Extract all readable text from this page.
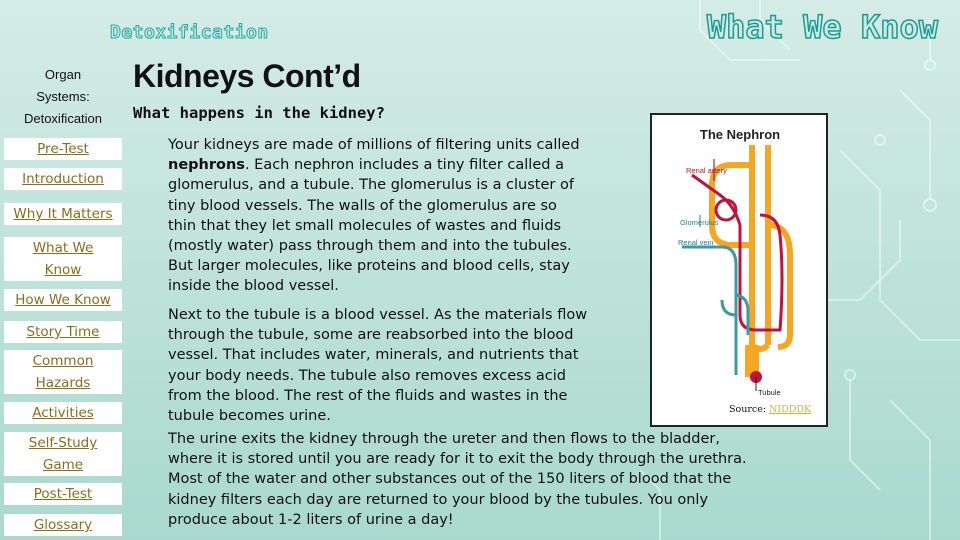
Detoxification	What We Know
Organ
Systems:
Detoxification
Pre-Test
Introduction
Why It Matters
What We
Know
How We Know
Story Time
Common
Hazards
Activities
Self-Study
Game
Post-Test
Glossary
Kidneys Cont’d
What happens in the kidney?
Your kidneys are made of millions of filtering units called
nephrons. Each nephron includes a tiny filter called a
glomerulus, and a tubule. The glomerulus is a cluster of
tiny blood vessels. The walls of the glomerulus are so
thin that they let small molecules of wastes and fluids
(mostly water) pass through them and into the tubules.
But larger molecules, like proteins and blood cells, stay
inside the blood vessel.
Next to the tubule is a blood vessel. As the materials flow
through the tubule, some are reabsorbed into the blood
vessel. That includes water, minerals, and nutrients that
your body needs. The tubule also removes excess acid
from the blood. The rest of the fluids and wastes in the
tubule becomes urine.
The urine exits the kidney through the ureter and then flows to the bladder,
where it is stored until you are ready for it to exit the body through the urethra.
Most of the water and other substances out of the 150 liters of blood that the
kidney filters each day are returned to your blood by the tubules. You only
produce about 1-2 liters of urine a day!
The Nephron
Renal artery
Glomerulus
Renal vein
Tubule
Source: NIDDDK
